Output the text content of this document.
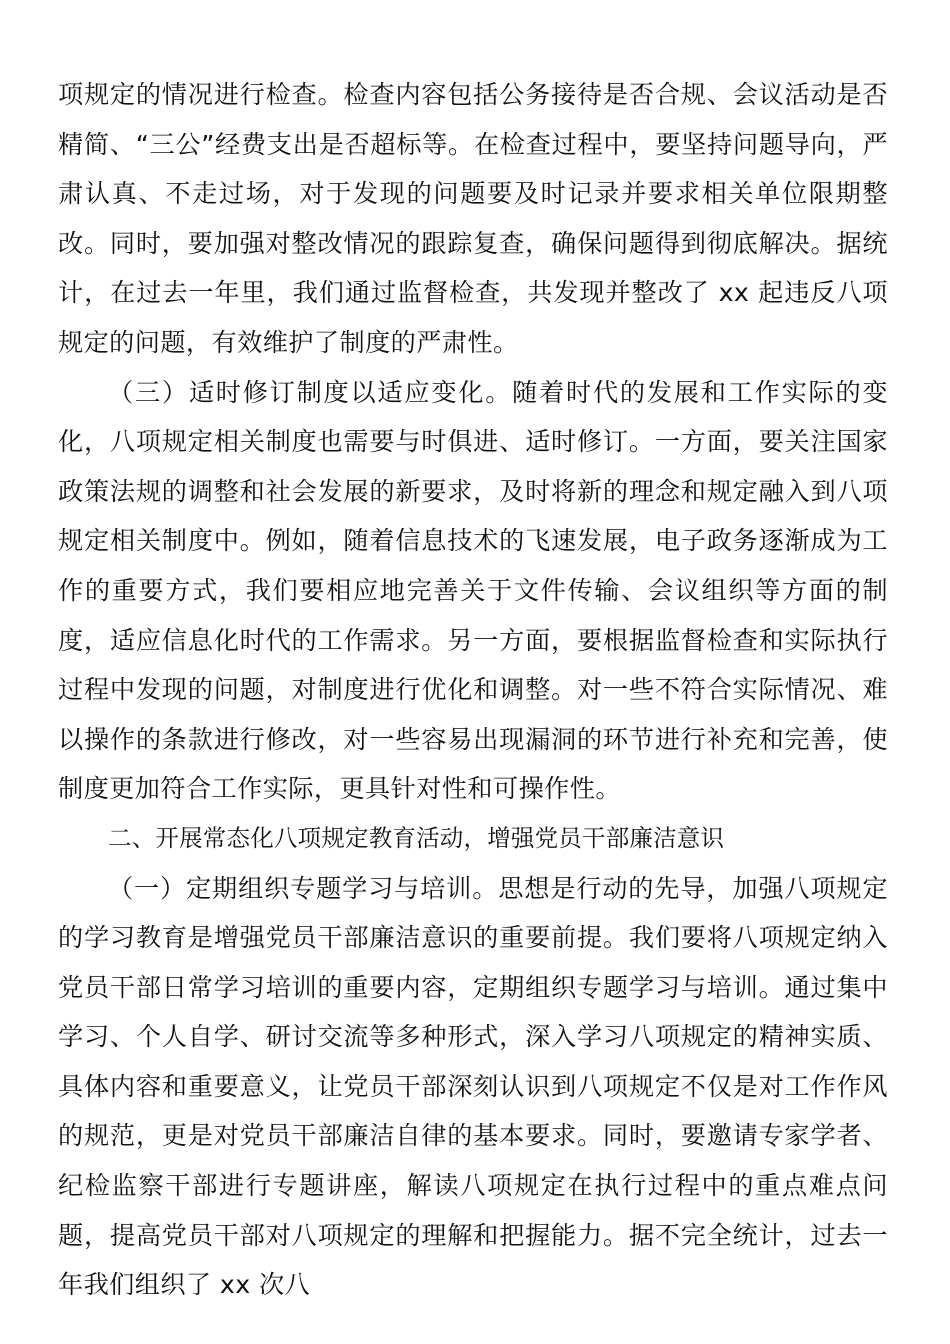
项规定的情况进行检查。检查内容包括公务接待是否合规、会议活动是否精简、“三公”经费支出是否超标等。在检查过程中，要坚持问题导向，严肃认真、不走过场，对于发现的问题要及时记录并要求相关单位限期整改。同时，要加强对整改情况的跟踪复查，确保问题得到彻底解决。据统计，在过去一年里，我们通过监督检查，共发现并整改了 xx 起违反八项规定的问题，有效维护了制度的严肃性。

（三）适时修订制度以适应变化。随着时代的发展和工作实际的变化，八项规定相关制度也需要与时俱进、适时修订。一方面，要关注国家政策法规的调整和社会发展的新要求，及时将新的理念和规定融入到八项规定相关制度中。例如，随着信息技术的飞速发展，电子政务逐渐成为工作的重要方式，我们要相应地完善关于文件传输、会议组织等方面的制度，适应信息化时代的工作需求。另一方面，要根据监督检查和实际执行过程中发现的问题，对制度进行优化和调整。对一些不符合实际情况、难以操作的条款进行修改，对一些容易出现漏洞的环节进行补充和完善，使制度更加符合工作实际，更具针对性和可操作性。

二、开展常态化八项规定教育活动，增强党员干部廉洁意识

（一）定期组织专题学习与培训。思想是行动的先导，加强八项规定的学习教育是增强党员干部廉洁意识的重要前提。我们要将八项规定纳入党员干部日常学习培训的重要内容，定期组织专题学习与培训。通过集中学习、个人自学、研讨交流等多种形式，深入学习八项规定的精神实质、具体内容和重要意义，让党员干部深刻认识到八项规定不仅是对工作作风的规范，更是对党员干部廉洁自律的基本要求。同时，要邀请专家学者、纪检监察干部进行专题讲座，解读八项规定在执行过程中的重点难点问题，提高党员干部对八项规定的理解和把握能力。据不完全统计，过去一年我们组织了 xx 次八
